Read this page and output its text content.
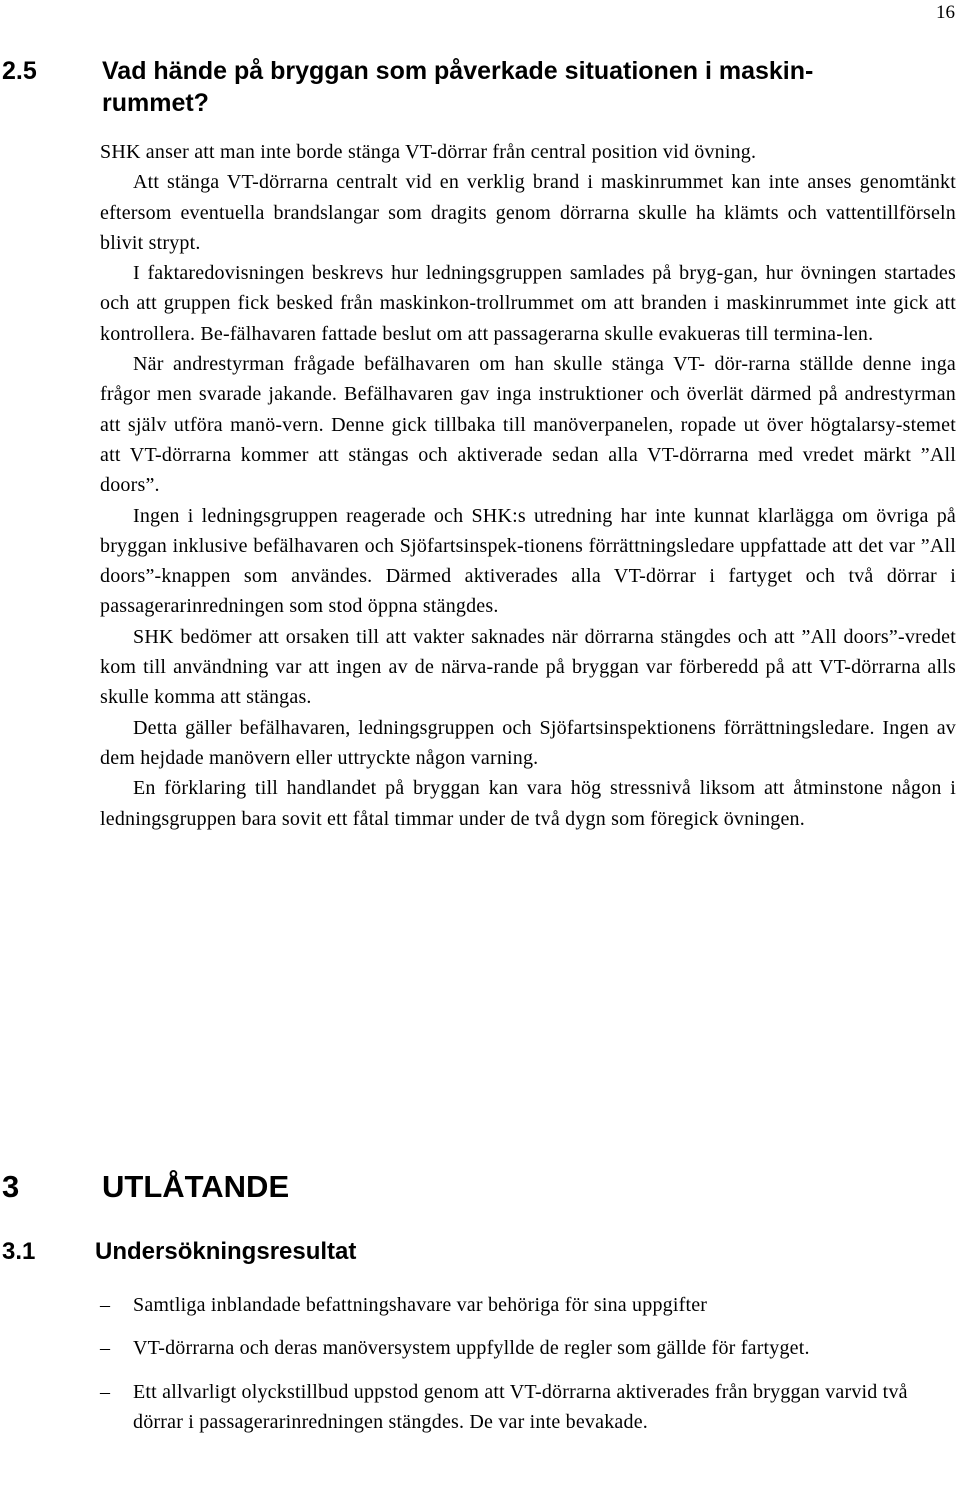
16
2.5	Vad hände på bryggan som påverkade situationen i maskin-rummet?

SHK anser att man inte borde stänga VT-dörrar från central position vid övning.

Att stänga VT-dörrarna centralt vid en verklig brand i maskinrummet kan inte anses genomtänkt eftersom eventuella brandslangar som dragits genom dörrarna skulle ha klämts och vattentillförseln blivit strypt.

I faktaredovisningen beskrevs hur ledningsgruppen samlades på bryg-gan, hur övningen startades och att gruppen fick besked från maskinkon-trollrummet om att branden i maskinrummet inte gick att kontrollera. Be-fälhavaren fattade beslut om att passagerarna skulle evakueras till termina-len.

När andrestyrman frågade befälhavaren om han skulle stänga VT- dör-rarna ställde denne inga frågor men svarade jakande. Befälhavaren gav inga instruktioner och överlät därmed på andrestyrman att själv utföra manö-vern. Denne gick tillbaka till manöverpanelen, ropade ut över högtalarsy-stemet att VT-dörrarna kommer att stängas och aktiverade sedan alla VT-dörrarna med vredet märkt ”All doors”.

Ingen i ledningsgruppen reagerade och SHK:s utredning har inte kunnat klarlägga om övriga på bryggan inklusive befälhavaren och Sjöfartsinspek-tionens förrättningsledare uppfattade att det var ”All doors”-knappen som användes. Därmed aktiverades alla VT-dörrar i fartyget och två dörrar i passagerarinredningen som stod öppna stängdes.

SHK bedömer att orsaken till att vakter saknades när dörrarna stängdes och att ”All doors”-vredet kom till användning var att ingen av de närva-rande på bryggan var förberedd på att VT-dörrarna alls skulle komma att stängas.

Detta gäller befälhavaren, ledningsgruppen och Sjöfartsinspektionens förrättningsledare. Ingen av dem hejdade manövern eller uttryckte någon varning.

En förklaring till handlandet på bryggan kan vara hög stressnivå liksom att åtminstone någon i ledningsgruppen bara sovit ett fåtal timmar under de två dygn som föregick övningen.

3	UTLÅTANDE
3.1 Undersökningsresultat
– Samtliga inblandade befattningshavare var behöriga för sina uppgifter
– VT-dörrarna och deras manöversystem uppfyllde de regler som gällde för fartyget.
– Ett allvarligt olyckstillbud uppstod genom att VT-dörrarna aktiverades från bryggan varvid två dörrar i passagerarinredningen stängdes. De var inte bevakade.
